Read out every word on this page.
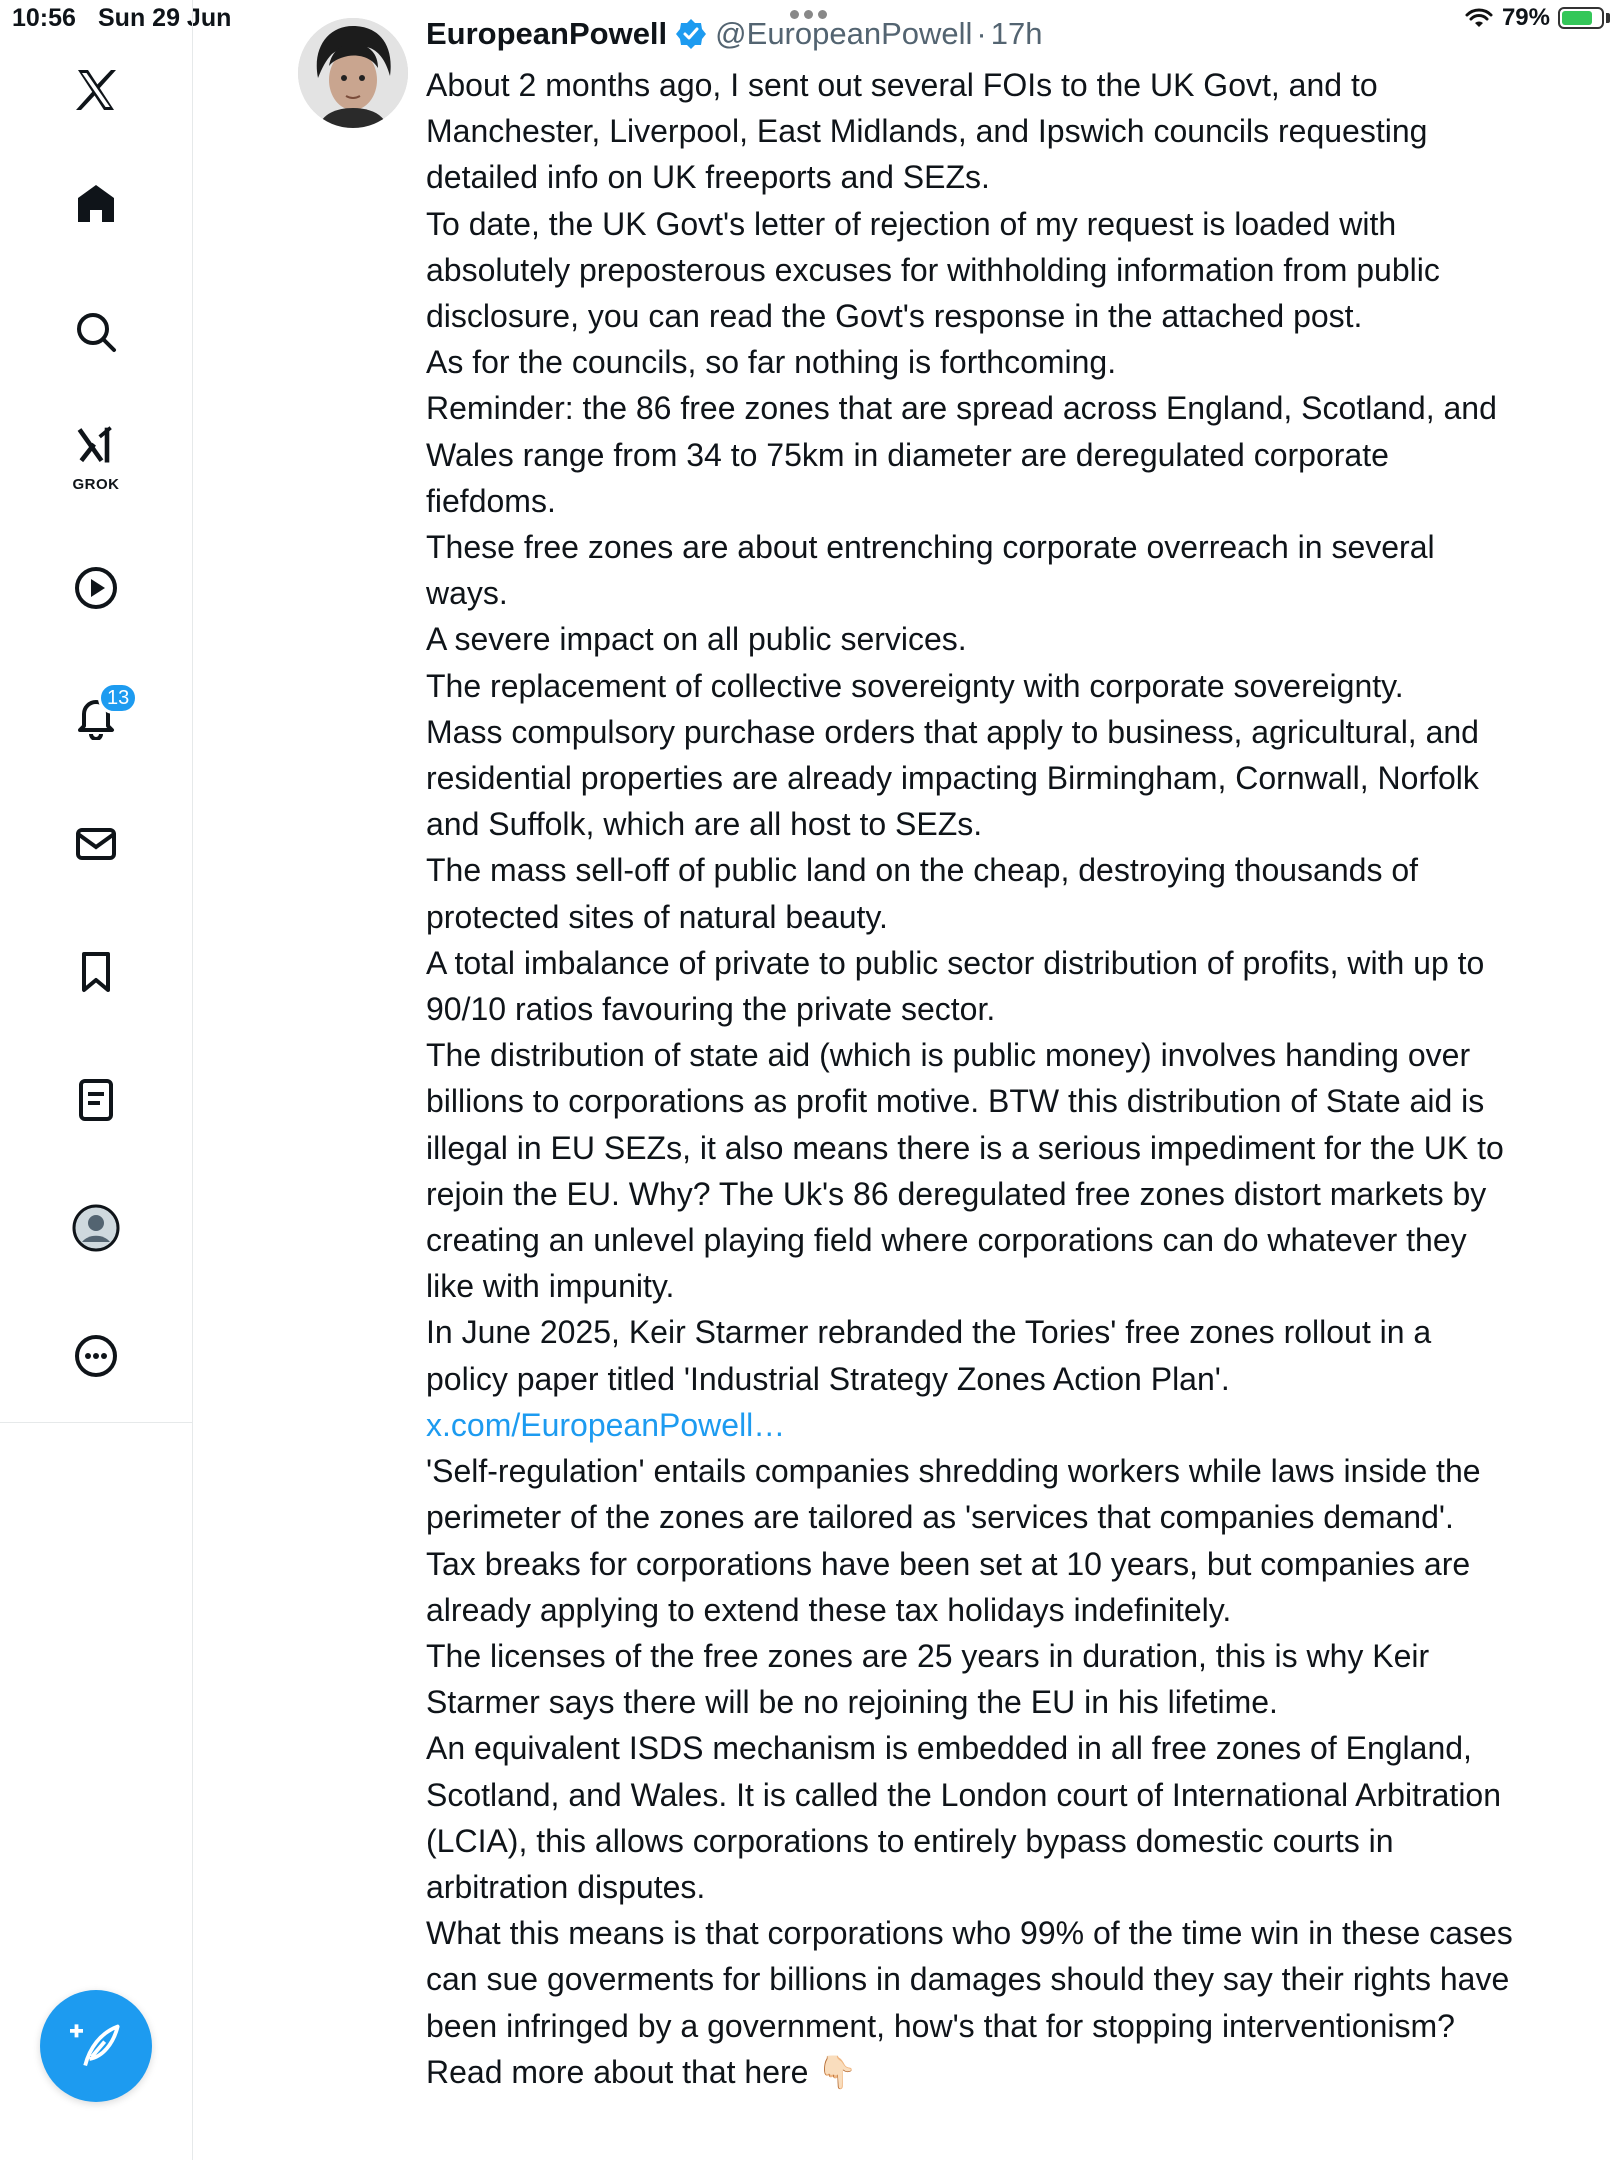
10:56 Sun 29 Jun	79%
GROK
13
EuropeanPowell @EuropeanPowell · 17h

About 2 months ago, I sent out several FOIs to the UK Govt, and to Manchester, Liverpool, East Midlands, and Ipswich councils requesting detailed info on UK freeports and SEZs.

To date, the UK Govt's letter of rejection of my request is loaded with absolutely preposterous excuses for withholding information from public disclosure, you can read the Govt's response in the attached post.

As for the councils, so far nothing is forthcoming.

Reminder: the 86 free zones that are spread across England, Scotland, and Wales range from 34 to 75km in diameter are deregulated corporate fiefdoms.

These free zones are about entrenching corporate overreach in several ways.

A severe impact on all public services.

The replacement of collective sovereignty with corporate sovereignty.

Mass compulsory purchase orders that apply to business, agricultural, and residential properties are already impacting Birmingham, Cornwall, Norfolk and Suffolk, which are all host to SEZs.

The mass sell-off of public land on the cheap, destroying thousands of protected sites of natural beauty.

A total imbalance of private to public sector distribution of profits, with up to 90/10 ratios favouring the private sector.

The distribution of state aid (which is public money) involves handing over billions to corporations as profit motive. BTW this distribution of State aid is illegal in EU SEZs, it also means there is a serious impediment for the UK to rejoin the EU. Why? The Uk's 86 deregulated free zones distort markets by creating an unlevel playing field where corporations can do whatever they like with impunity.

In June 2025, Keir Starmer rebranded the Tories' free zones rollout in a policy paper titled 'Industrial Strategy Zones Action Plan'.

x.com/EuropeanPowell…

'Self-regulation' entails companies shredding workers while laws inside the perimeter of the zones are tailored as 'services that companies demand'.

Tax breaks for corporations have been set at 10 years, but companies are already applying to extend these tax holidays indefinitely.

The licenses of the free zones are 25 years in duration, this is why Keir Starmer says there will be no rejoining the EU in his lifetime.

An equivalent ISDS mechanism is embedded in all free zones of England, Scotland, and Wales. It is called the London court of International Arbitration (LCIA), this allows corporations to entirely bypass domestic courts in arbitration disputes.

What this means is that corporations who 99% of the time win in these cases can sue goverments for billions in damages should they say their rights have been infringed by a government, how's that for stopping interventionism? Read more about that here 👇🏻
